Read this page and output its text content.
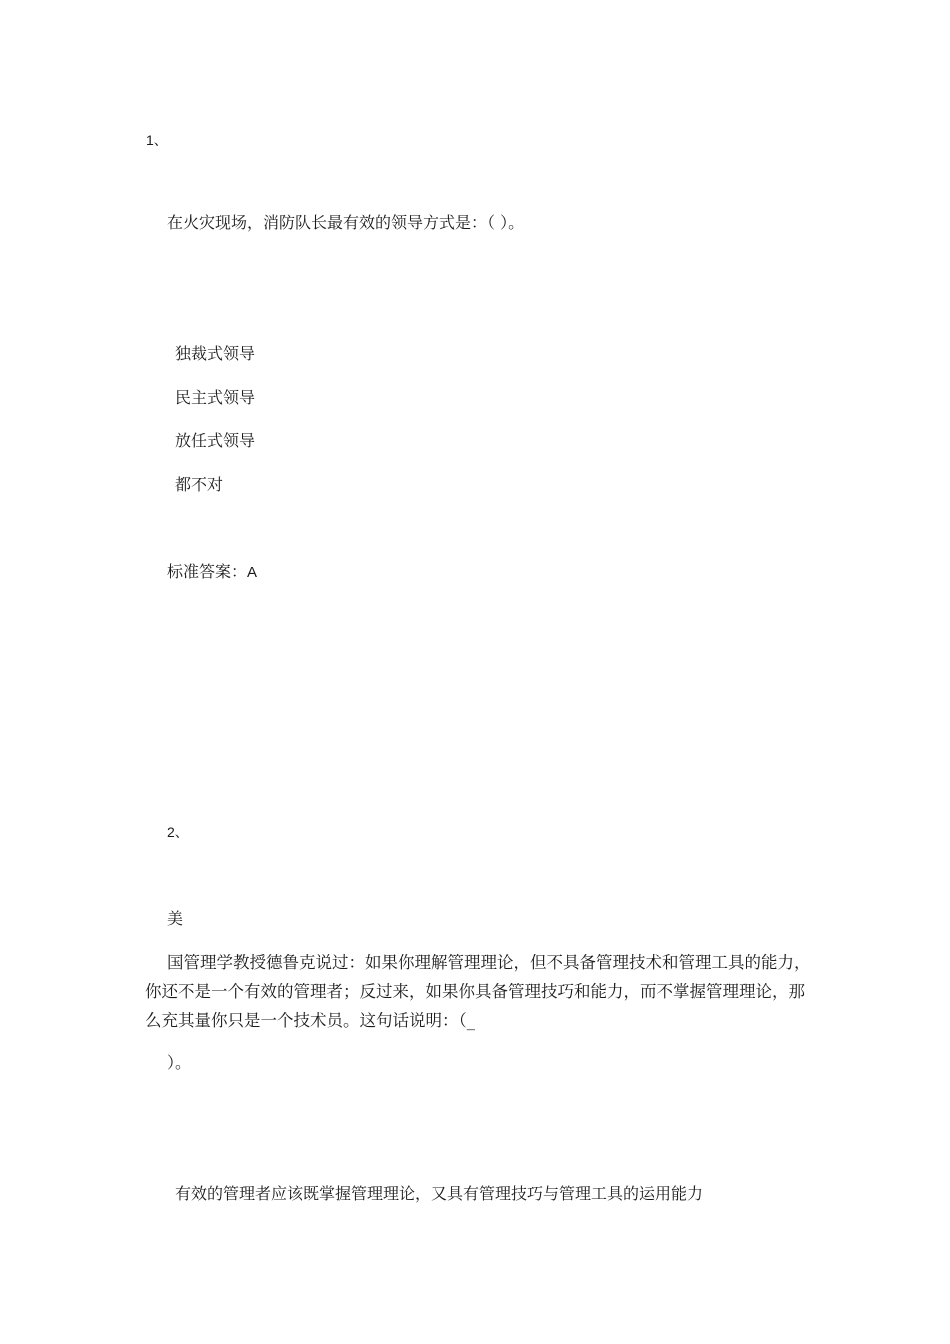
1、
在火灾现场，消防队长最有效的领导方式是：（ ）。
独裁式领导
民主式领导
放任式领导
都不对
标准答案：A
2、
美
国管理学教授德鲁克说过：如果你理解管理理论，但不具备管理技术和管理工具的能力，你还不是一个有效的管理者；反过来，如果你具备管理技巧和能力，而不掌握管理理论，那么充其量你只是一个技术员。这句话说明：（_
）。
有效的管理者应该既掌握管理理论，又具有管理技巧与管理工具的运用能力
